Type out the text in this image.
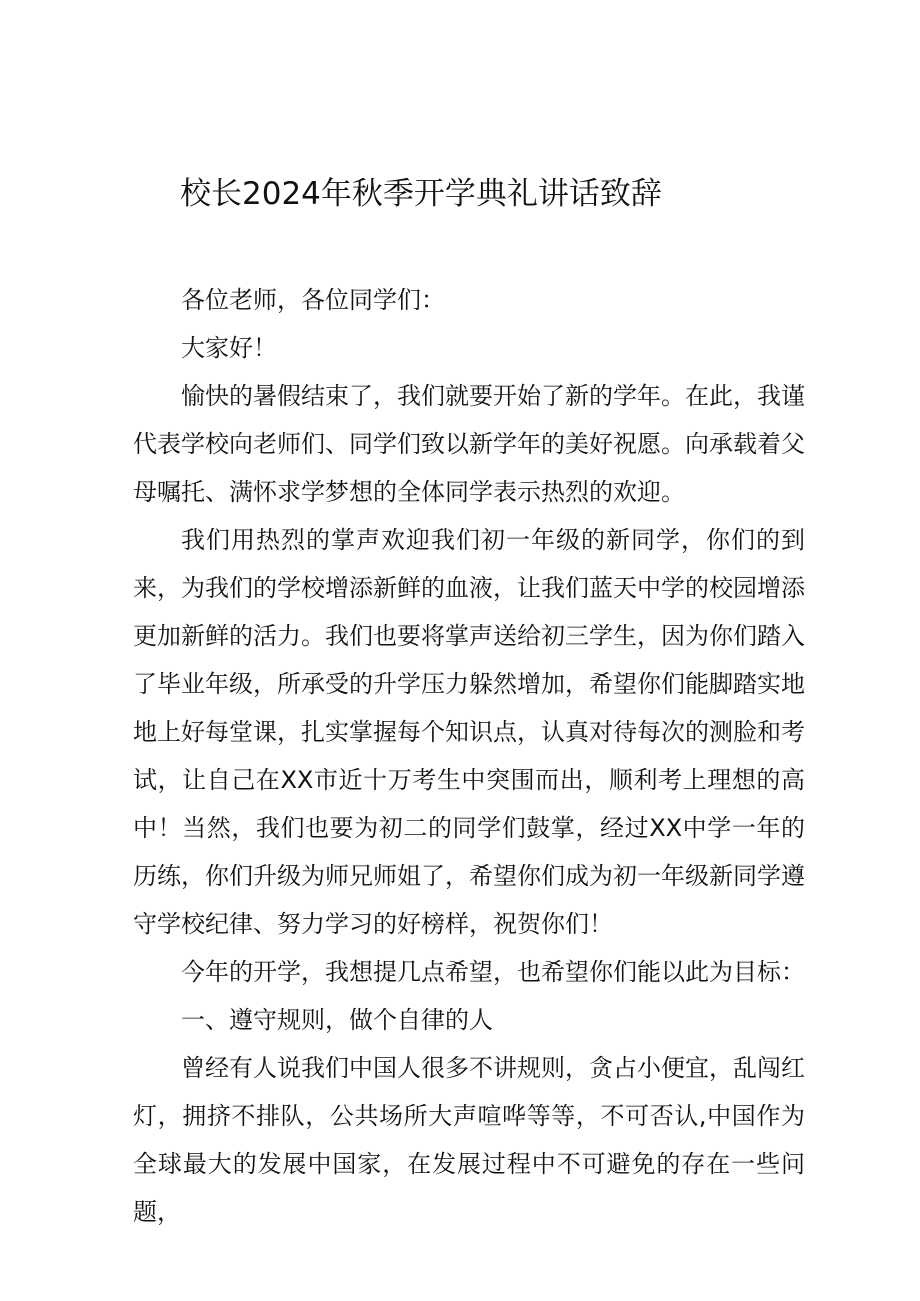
校长2024年秋季开学典礼讲话致辞

各位老师，各位同学们：

大家好！

愉快的暑假结束了，我们就要开始了新的学年。在此，我谨代表学校向老师们、同学们致以新学年的美好祝愿。向承载着父母嘱托、满怀求学梦想的全体同学表示热烈的欢迎。

我们用热烈的掌声欢迎我们初一年级的新同学，你们的到来，为我们的学校增添新鲜的血液，让我们蓝天中学的校园增添更加新鲜的活力。我们也要将掌声送给初三学生，因为你们踏入了毕业年级，所承受的升学压力躲然增加，希望你们能脚踏实地地上好每堂课，扎实掌握每个知识点，认真对待每次的测脸和考试，让自己在XX市近十万考生中突围而出，顺利考上理想的高中！当然，我们也要为初二的同学们鼓掌，经过XX中学一年的历练，你们升级为师兄师姐了，希望你们成为初一年级新同学遵守学校纪律、努力学习的好榜样，祝贺你们！

今年的开学，我想提几点希望，也希望你们能以此为目标：

一、遵守规则，做个自律的人

曾经有人说我们中国人很多不讲规则，贪占小便宜，乱闯红灯，拥挤不排队，公共场所大声喧哗等等，不可否认,中国作为全球最大的发展中国家，在发展过程中不可避免的存在一些问题，
